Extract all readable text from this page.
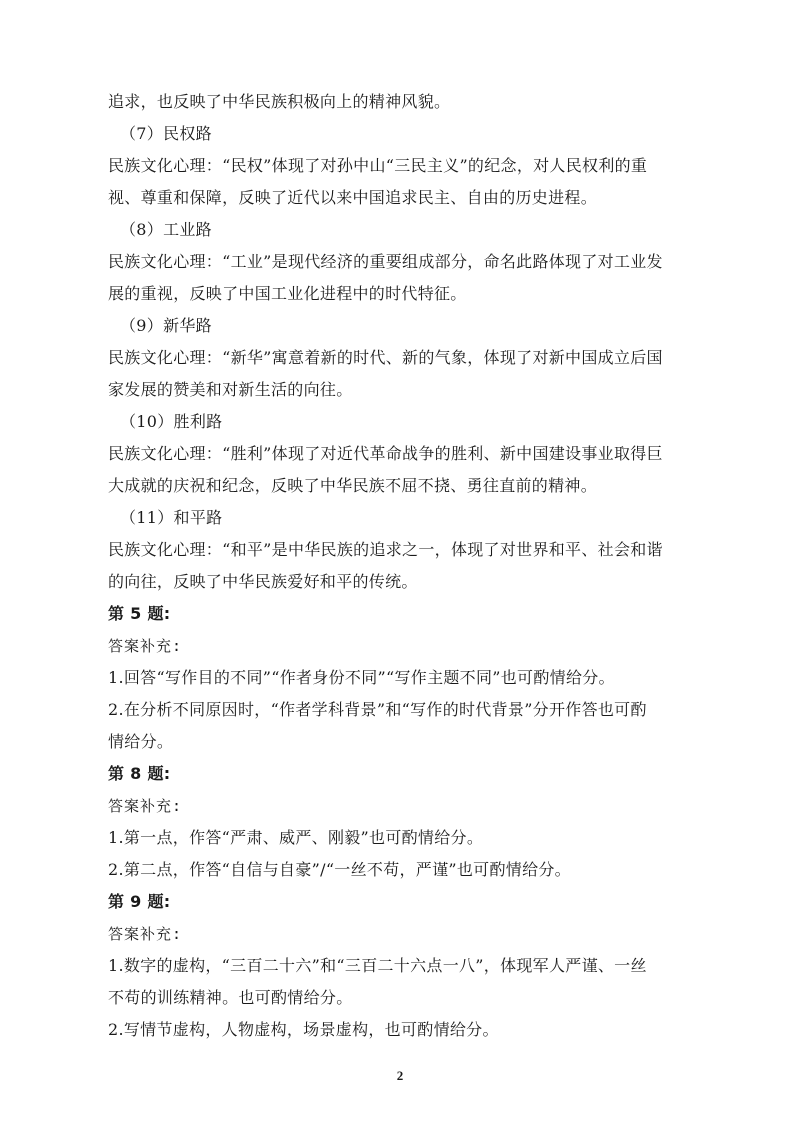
追求，也反映了中华民族积极向上的精神风貌。
（7）民权路
民族文化心理：“民权”体现了对孙中山“三民主义”的纪念，对人民权利的重
视、尊重和保障，反映了近代以来中国追求民主、自由的历史进程。
（8）工业路
民族文化心理：“工业”是现代经济的重要组成部分，命名此路体现了对工业发
展的重视，反映了中国工业化进程中的时代特征。
（9）新华路
民族文化心理：“新华”寓意着新的时代、新的气象，体现了对新中国成立后国
家发展的赞美和对新生活的向往。
（10）胜利路
民族文化心理：“胜利”体现了对近代革命战争的胜利、新中国建设事业取得巨
大成就的庆祝和纪念，反映了中华民族不屈不挠、勇往直前的精神。
（11）和平路
民族文化心理：“和平”是中华民族的追求之一，体现了对世界和平、社会和谐
的向往，反映了中华民族爱好和平的传统。
第 5 题:
答案补充:
1.回答“写作目的不同”“作者身份不同”“写作主题不同”也可酌情给分。
2.在分析不同原因时，“作者学科背景”和“写作的时代背景”分开作答也可酌
情给分。
第 8 题:
答案补充:
1.第一点，作答“严肃、威严、刚毅”也可酌情给分。
2.第二点，作答“自信与自豪”/“一丝不苟，严谨”也可酌情给分。
第 9 题:
答案补充:
1.数字的虚构，“三百二十六”和“三百二十六点一八”，体现军人严谨、一丝
不苟的训练精神。也可酌情给分。
2.写情节虚构，人物虚构，场景虚构，也可酌情给分。
2
